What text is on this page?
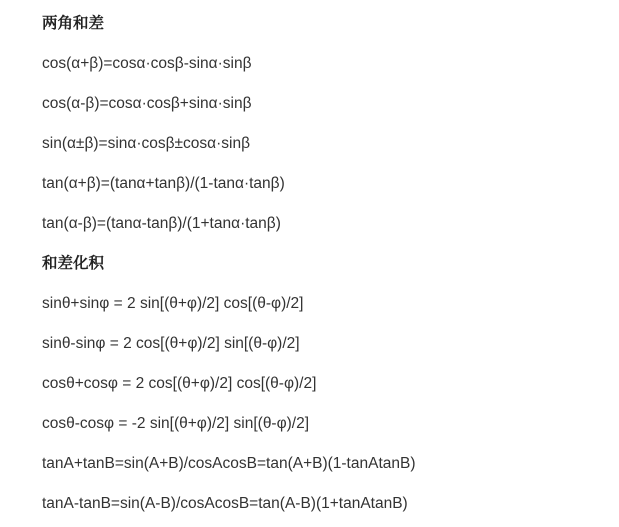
两角和差
cos(α+β)=cosα·cosβ-sinα·sinβ
cos(α-β)=cosα·cosβ+sinα·sinβ
sin(α±β)=sinα·cosβ±cosα·sinβ
tan(α+β)=(tanα+tanβ)/(1-tanα·tanβ)
tan(α-β)=(tanα-tanβ)/(1+tanα·tanβ)
和差化积
sinθ+sinφ = 2 sin[(θ+φ)/2] cos[(θ-φ)/2]
sinθ-sinφ = 2 cos[(θ+φ)/2] sin[(θ-φ)/2]
cosθ+cosφ = 2 cos[(θ+φ)/2] cos[(θ-φ)/2]
cosθ-cosφ = -2 sin[(θ+φ)/2] sin[(θ-φ)/2]
tanA+tanB=sin(A+B)/cosAcosB=tan(A+B)(1-tanAtanB)
tanA-tanB=sin(A-B)/cosAcosB=tan(A-B)(1+tanAtanB)
